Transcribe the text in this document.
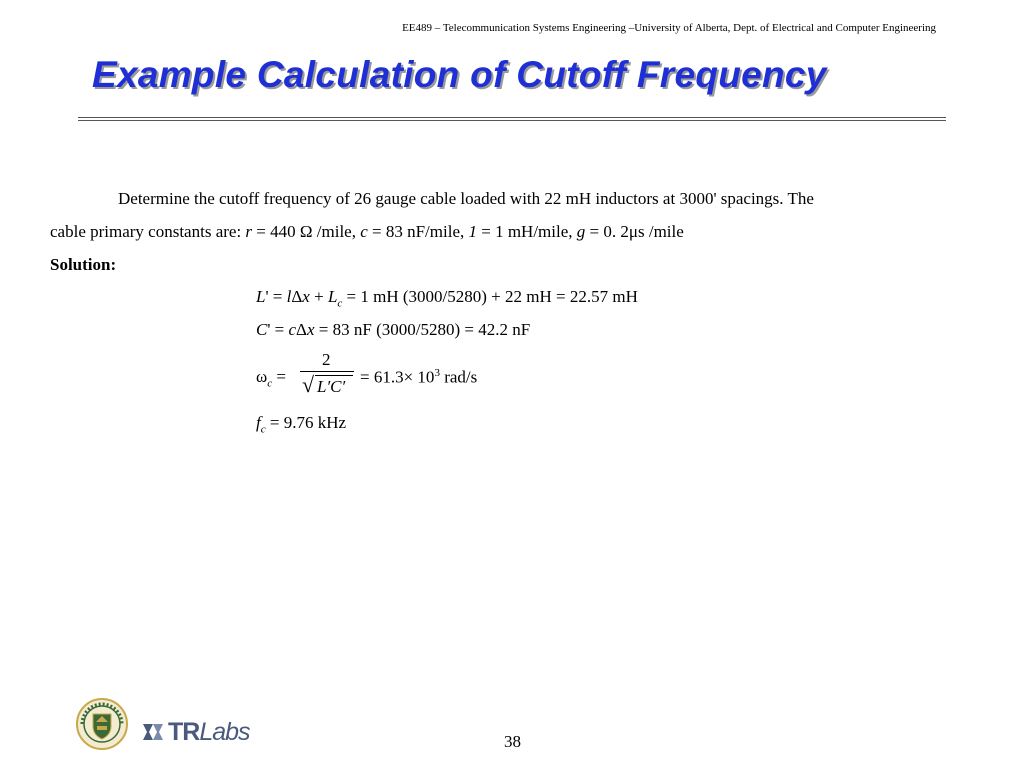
EE489 – Telecommunication Systems Engineering –University of Alberta, Dept. of Electrical and Computer Engineering
Example Calculation of Cutoff Frequency
Determine the cutoff frequency of 26 gauge cable loaded with 22 mH inductors at 3000' spacings. The
cable primary constants are: r = 440 Ω /mile, c = 83 nF/mile, 1 = 1 mH/mile, g = 0. 2μs /mile
Solution:
$L' = l\Delta x + L_c = 1$ mH (3000/5280) + 22 mH = 22.57 mH
C' = cΔx = 83 nF (3000/5280) = 42.2 nF
$\omega_c$ =
2
√ $L'C' = 61.3\times 10^3$ rad/s
$f_c = 9.76$ kHz
TR Labs	38
